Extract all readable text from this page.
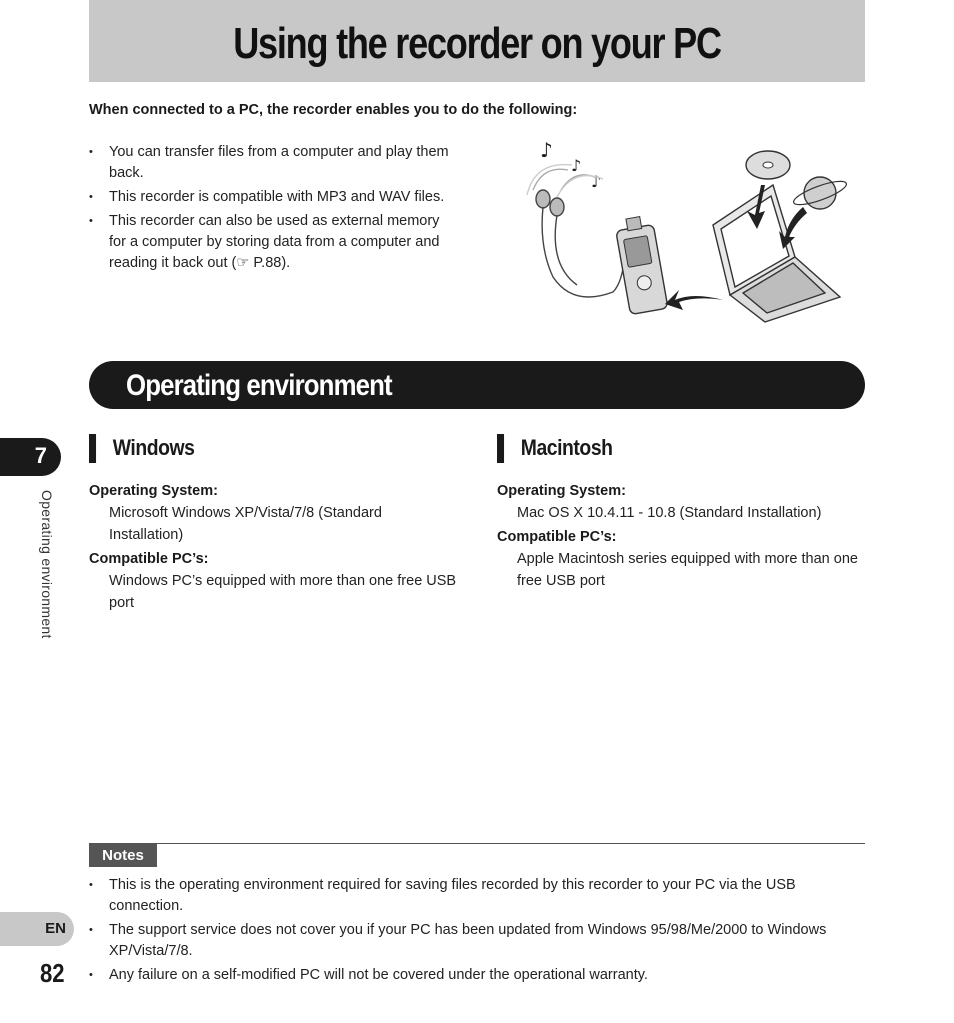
Using the recorder on your PC
When connected to a PC, the recorder enables you to do the following:
• You can transfer files from a computer and play them back.
• This recorder is compatible with MP3 and WAV files.
• This recorder can also be used as external memory for a computer by storing data from a computer and reading it back out (☞ P.88).
♪
♪
♪
Operating environment
Windows
Operating System:
Microsoft Windows XP/Vista/7/8 (Standard Installation)
Compatible PC’s:
Windows PC’s equipped with more than one free USB port
Macintosh
Operating System:
Mac OS X 10.4.11 - 10.8 (Standard Installation)
Compatible PC’s:
Apple Macintosh series equipped with more than one free USB port
7
Operating environment
Notes
• This is the operating environment required for saving files recorded by this recorder to your PC via the USB connection.
• The support service does not cover you if your PC has been updated from Windows 95/98/Me/2000 to Windows XP/Vista/7/8.
• Any failure on a self-modified PC will not be covered under the operational warranty.
EN
82
